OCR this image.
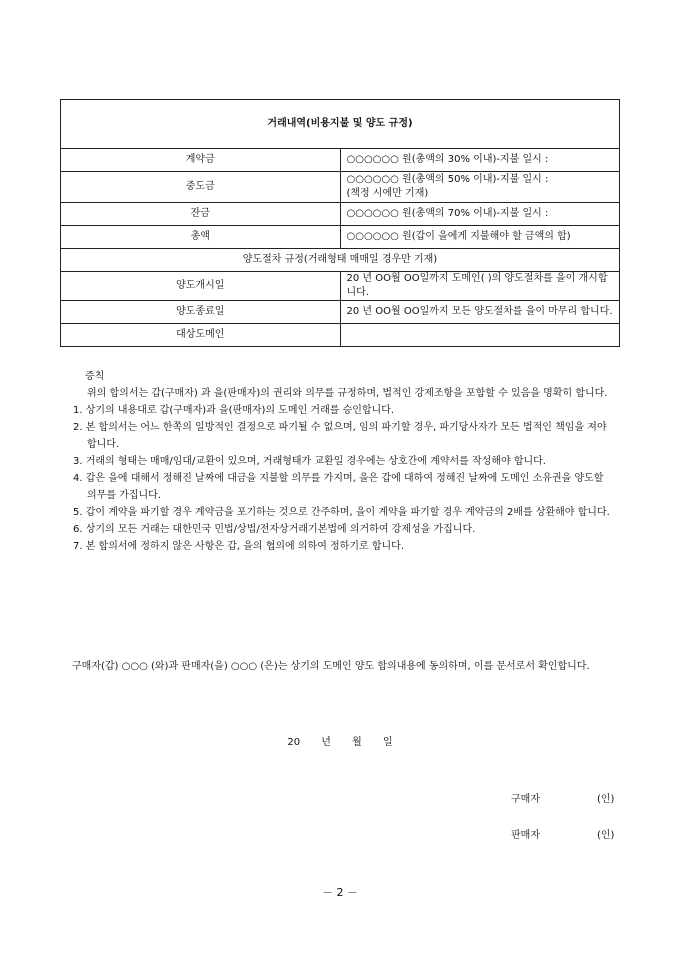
거래내역(비용지불 및 양도 규정)	
계약금	○○○○○○ 원(총액의 30% 이내)-지불 일시 :
중도금	○○○○○○ 원(총액의 50% 이내)-지불 일시 :
(책정 시에만 기재)

잔금	○○○○○○ 원(총액의 70% 이내)-지불 일시 :
총액	○○○○○○ 원(갑이 을에게 지불해야 할 금액의 합)
양도절차 규정(거래형태 매매일 경우만 기재)	
양도개시일	20 년 OO월 OO일까지 도메인( )의 양도절차를 을이 개시합니다.
양도종료일	20 년 OO월 OO일까지 모든 양도절차를 을이 마무리 합니다.
대상도메인	
증칙
위의 합의서는 갑(구매자) 과 을(판매자)의 권리와 의무를 규정하며, 법적인 강제조항을 포함할 수 있음을 명확히 합니다.
1. 상기의 내용대로 갑(구매자)과 을(판매자)의 도메인 거래를 승인합니다.
2. 본 합의서는 어느 한쪽의 일방적인 결정으로 파기될 수 없으며, 임의 파기할 경우, 파기당사자가 모든 법적인 책임을 져야 합니다.
3. 거래의 형태는 매매/임대/교환이 있으며, 거래형태가 교환일 경우에는 상호간에 계약서를 작성해야 합니다.
4. 갑은 을에 대해서 정해진 날짜에 대금을 지불할 의무를 가지며, 을은 갑에 대하여 정해진 날짜에 도메인 소유권을 양도할 의무를 가집니다.
5. 갑이 계약을 파기할 경우 계약금을 포기하는 것으로 간주하며, 을이 계약을 파기할 경우 계약금의 2배를 상환해야 합니다.
6. 상기의 모든 거래는 대한민국 민법/상법/전자상거래기본법에 의거하여 강제성을 가집니다.
7. 본 합의서에 정하지 않은 사항은 갑, 을의 협의에 의하여 정하기로 합니다.
구매자(갑) ○○○ (와)과 판매자(을) ○○○ (은)는 상기의 도메인 양도 합의내용에 동의하며, 이를 문서로서 확인합니다.
20 년 월 일
구매자	(인)
판매자	(인)
－ 2 －
